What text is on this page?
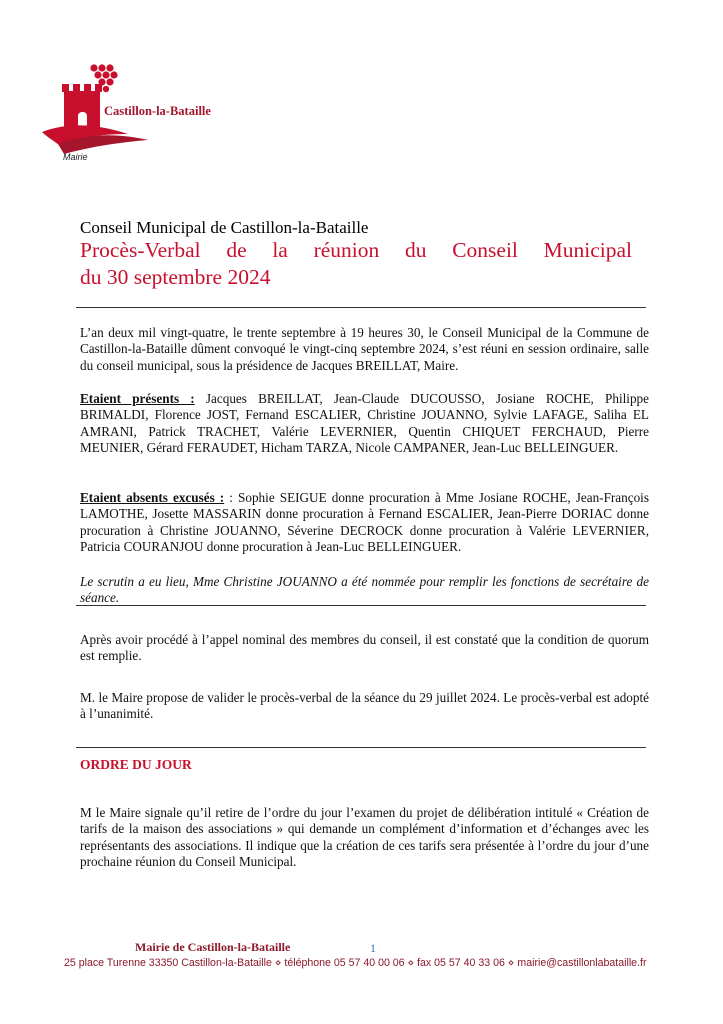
Castillon-la-Bataille
Mairie
Conseil Municipal de Castillon-la-Bataille
Procès-Verbal de la réunion du Conseil Municipal
du 30 septembre 2024
L’an deux mil vingt-quatre, le trente septembre à 19 heures 30, le Conseil Municipal de la Commune de Castillon-la-Bataille dûment convoqué le vingt-cinq septembre 2024, s’est réuni en session ordinaire, salle du conseil municipal, sous la présidence de Jacques BREILLAT, Maire.
Etaient présents : Jacques BREILLAT, Jean-Claude DUCOUSSO, Josiane ROCHE, Philippe BRIMALDI, Florence JOST, Fernand ESCALIER, Christine JOUANNO, Sylvie LAFAGE, Saliha EL AMRANI, Patrick TRACHET, Valérie LEVERNIER, Quentin CHIQUET FERCHAUD, Pierre MEUNIER, Gérard FERAUDET, Hicham TARZA, Nicole CAMPANER, Jean-Luc BELLEINGUER.
Etaient absents excusés : : Sophie SEIGUE donne procuration à Mme Josiane ROCHE, Jean-François LAMOTHE, Josette MASSARIN donne procuration à Fernand ESCALIER, Jean-Pierre DORIAC donne procuration à Christine JOUANNO, Séverine DECROCK donne procuration à Valérie LEVERNIER, Patricia COURANJOU donne procuration à Jean-Luc BELLEINGUER.
Le scrutin a eu lieu, Mme Christine JOUANNO a été nommée pour remplir les fonctions de secrétaire de séance.
Après avoir procédé à l’appel nominal des membres du conseil, il est constaté que la condition de quorum est remplie.
M. le Maire propose de valider le procès-verbal de la séance du 29 juillet 2024. Le procès-verbal est adopté à l’unanimité.
ORDRE DU JOUR
M le Maire signale qu’il retire de l’ordre du jour l’examen du projet de délibération intitulé « Création de tarifs de la maison des associations » qui demande un complément d’information et d’échanges avec les représentants des associations. Il indique que la création de ces tarifs sera présentée à l’ordre du jour d’une prochaine réunion du Conseil Municipal.
Mairie de Castillon-la-Bataille	1
25 place Turenne 33350 Castillon-la-Bataille ⋄ téléphone 05 57 40 00 06 ⋄ fax 05 57 40 33 06 ⋄ mairie@castillonlabataille.fr
